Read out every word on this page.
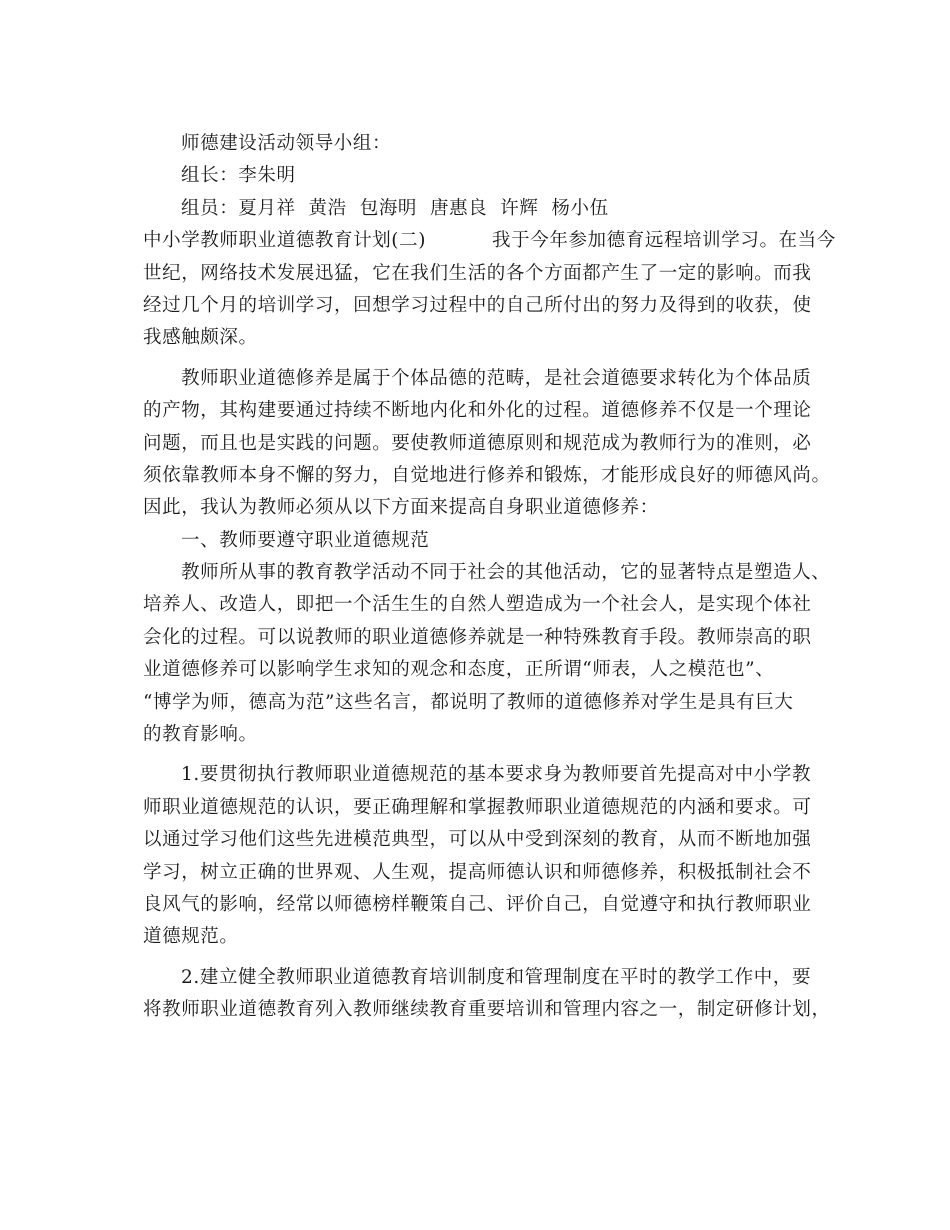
师德建设活动领导小组：
组长：李朱明
组员：夏月祥  黄浩  包海明  唐惠良  许辉  杨小伍
中小学教师职业道德教育计划(二)	我于今年参加德育远程培训学习。在当今
世纪，网络技术发展迅猛，它在我们生活的各个方面都产生了一定的影响。而我
经过几个月的培训学习，回想学习过程中的自己所付出的努力及得到的收获，使
我感触颇深。
教师职业道德修养是属于个体品德的范畴，是社会道德要求转化为个体品质
的产物，其构建要通过持续不断地内化和外化的过程。道德修养不仅是一个理论
问题，而且也是实践的问题。要使教师道德原则和规范成为教师行为的准则，必
须依靠教师本身不懈的努力，自觉地进行修养和锻炼，才能形成良好的师德风尚。
因此，我认为教师必须从以下方面来提高自身职业道德修养：
一、教师要遵守职业道德规范
教师所从事的教育教学活动不同于社会的其他活动，它的显著特点是塑造人、
培养人、改造人，即把一个活生生的自然人塑造成为一个社会人，是实现个体社
会化的过程。可以说教师的职业道德修养就是一种特殊教育手段。教师崇高的职
业道德修养可以影响学生求知的观念和态度，正所谓“师表，人之模范也”、
“博学为师，德高为范”这些名言，都说明了教师的道德修养对学生是具有巨大
的教育影响。
1.要贯彻执行教师职业道德规范的基本要求身为教师要首先提高对中小学教
师职业道德规范的认识，要正确理解和掌握教师职业道德规范的内涵和要求。可
以通过学习他们这些先进模范典型，可以从中受到深刻的教育，从而不断地加强
学习，树立正确的世界观、人生观，提高师德认识和师德修养，积极抵制社会不
良风气的影响，经常以师德榜样鞭策自己、评价自己，自觉遵守和执行教师职业
道德规范。
2.建立健全教师职业道德教育培训制度和管理制度在平时的教学工作中，要
将教师职业道德教育列入教师继续教育重要培训和管理内容之一，制定研修计划，
